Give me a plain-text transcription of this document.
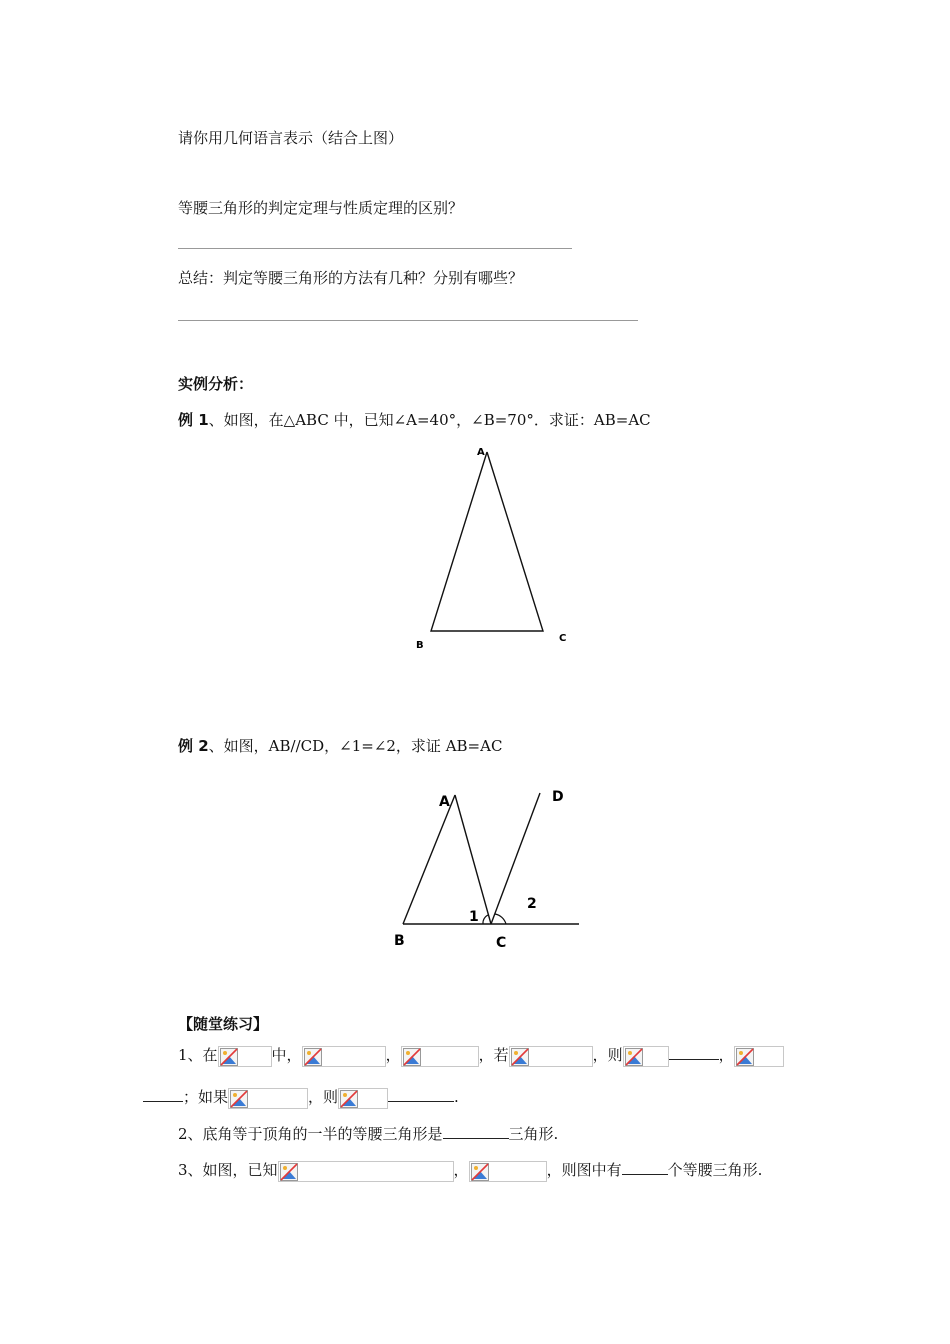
请你用几何语言表示（结合上图）
等腰三角形的判定定理与性质定理的区别？
总结：判定等腰三角形的方法有几种？分别有哪些？
实例分析：
例 1、如图，在△ABC 中，已知∠A=40°，∠B=70°．求证：AB=AC
A
B
C
例 2、如图，AB//CD，∠1=∠2，求证 AB=AC
A	D
B	C
1
2
【随堂练习】
1、在	中，	，	，若	，则	，
；如果	，则	.
2、底角等于顶角的一半的等腰三角形是	三角形.
3、如图，已知	，	，则图中有	个等腰三角形.
